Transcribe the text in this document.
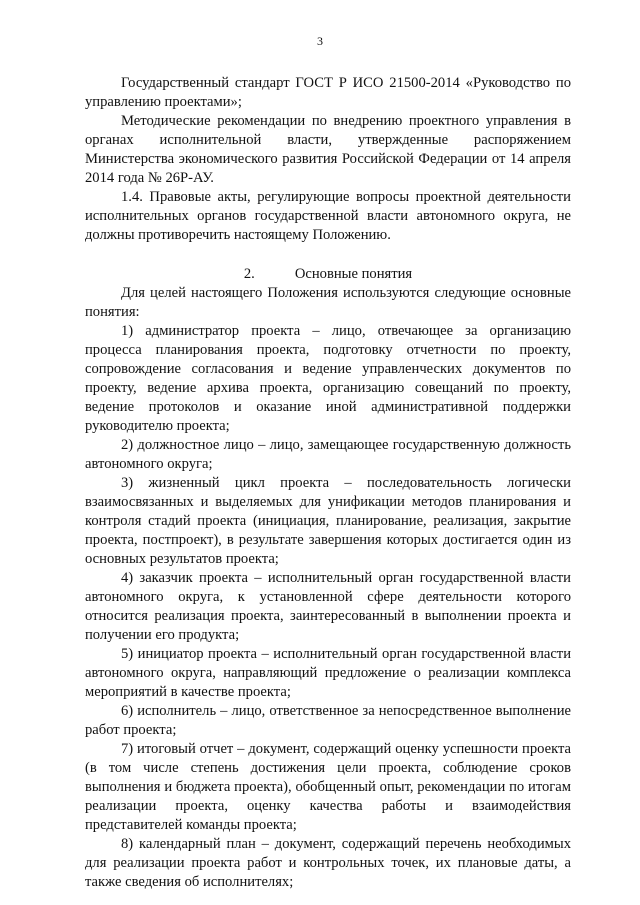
3

Государственный стандарт ГОСТ Р ИСО 21500-2014 «Руководство по управлению проектами»;

Методические рекомендации по внедрению проектного управления в органах исполнительной власти, утвержденные распоряжением Министерства экономического развития Российской Федерации от 14 апреля 2014 года № 26Р-АУ.

1.4. Правовые акты, регулирующие вопросы проектной деятельности исполнительных органов государственной власти автономного округа, не должны противоречить настоящему Положению.

2.	Основные понятия

Для целей настоящего Положения используются следующие основные понятия:

1) администратор проекта – лицо, отвечающее за организацию процесса планирования проекта, подготовку отчетности по проекту, сопровождение согласования и ведение управленческих документов по проекту, ведение архива проекта, организацию совещаний по проекту, ведение протоколов и оказание иной административной поддержки руководителю проекта;

2) должностное лицо – лицо, замещающее государственную должность автономного округа;

3) жизненный цикл проекта – последовательность логически взаимосвязанных и выделяемых для унификации методов планирования и контроля стадий проекта (инициация, планирование, реализация, закрытие проекта, постпроект), в результате завершения которых достигается один из основных результатов проекта;

4) заказчик проекта – исполнительный орган государственной власти автономного округа, к установленной сфере деятельности которого относится реализация проекта, заинтересованный в выполнении проекта и получении его продукта;

5) инициатор проекта – исполнительный орган государственной власти автономного округа, направляющий предложение о реализации комплекса мероприятий в качестве проекта;

6) исполнитель – лицо, ответственное за непосредственное выполнение работ проекта;

7) итоговый отчет – документ, содержащий оценку успешности проекта (в том числе степень достижения цели проекта, соблюдение сроков выполнения и бюджета проекта), обобщенный опыт, рекомендации по итогам реализации проекта, оценку качества работы и взаимодействия представителей команды проекта;

8) календарный план – документ, содержащий перечень необходимых для реализации проекта работ и контрольных точек, их плановые даты, а также сведения об исполнителях;
